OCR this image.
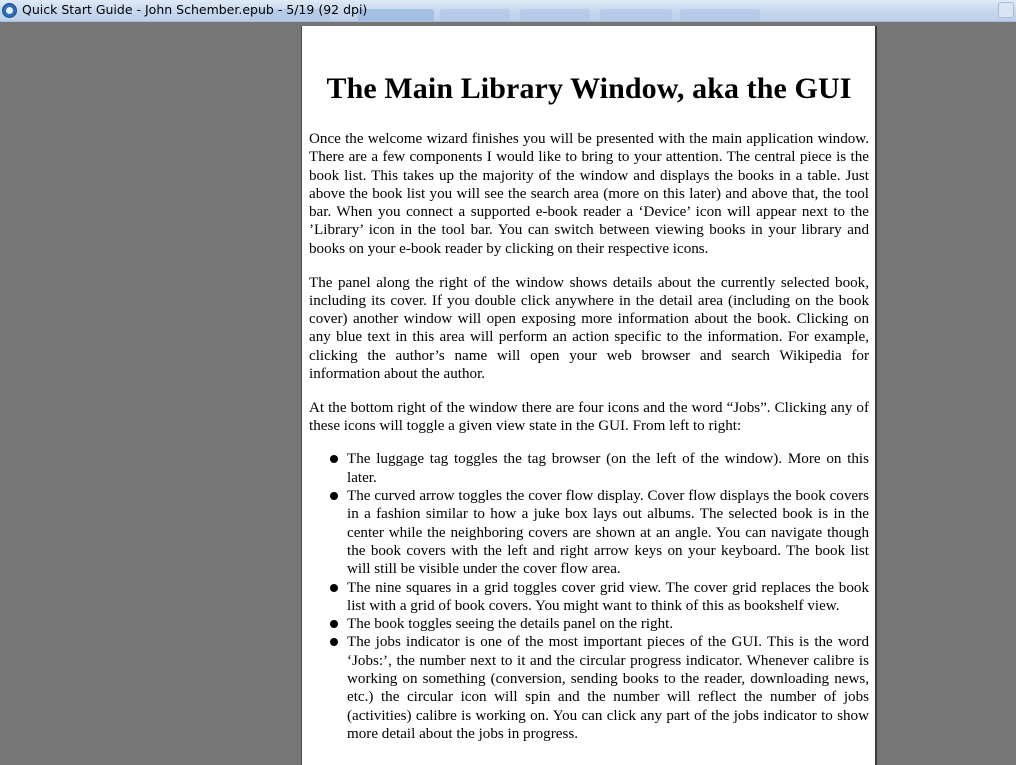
Quick Start Guide - John Schember.epub - 5/19 (92 dpi)
The Main Library Window, aka the GUI

Once the welcome wizard finishes you will be presented with the main application window. There are a few components I would like to bring to your attention. The central piece is the book list. This takes up the majority of the window and displays the books in a table. Just above the book list you will see the search area (more on this later) and above that, the tool bar. When you connect a supported e-book reader a ‘Device’ icon will appear next to the ’Library’ icon in the tool bar. You can switch between viewing books in your library and books on your e-book reader by clicking on their respective icons.

The panel along the right of the window shows details about the currently selected book, including its cover. If you double click anywhere in the detail area (including on the book cover) another window will open exposing more information about the book. Clicking on any blue text in this area will perform an action specific to the information. For example, clicking the author’s name will open your web browser and search Wikipedia for information about the author.

At the bottom right of the window there are four icons and the word “Jobs”. Clicking any of these icons will toggle a given view state in the GUI. From left to right:

The luggage tag toggles the tag browser (on the left of the window). More on this later.
The curved arrow toggles the cover flow display. Cover flow displays the book covers in a fashion similar to how a juke box lays out albums. The selected book is in the center while the neighboring covers are shown at an angle. You can navigate though the book covers with the left and right arrow keys on your keyboard. The book list will still be visible under the cover flow area.
The nine squares in a grid toggles cover grid view. The cover grid replaces the book list with a grid of book covers. You might want to think of this as bookshelf view.
The book toggles seeing the details panel on the right.
The jobs indicator is one of the most important pieces of the GUI. This is the word ‘Jobs:’, the number next to it and the circular progress indicator. Whenever calibre is working on something (conversion, sending books to the reader, downloading news, etc.) the circular icon will spin and the number will reflect the number of jobs (activities) calibre is working on. You can click any part of the jobs indicator to show more detail about the jobs in progress.
